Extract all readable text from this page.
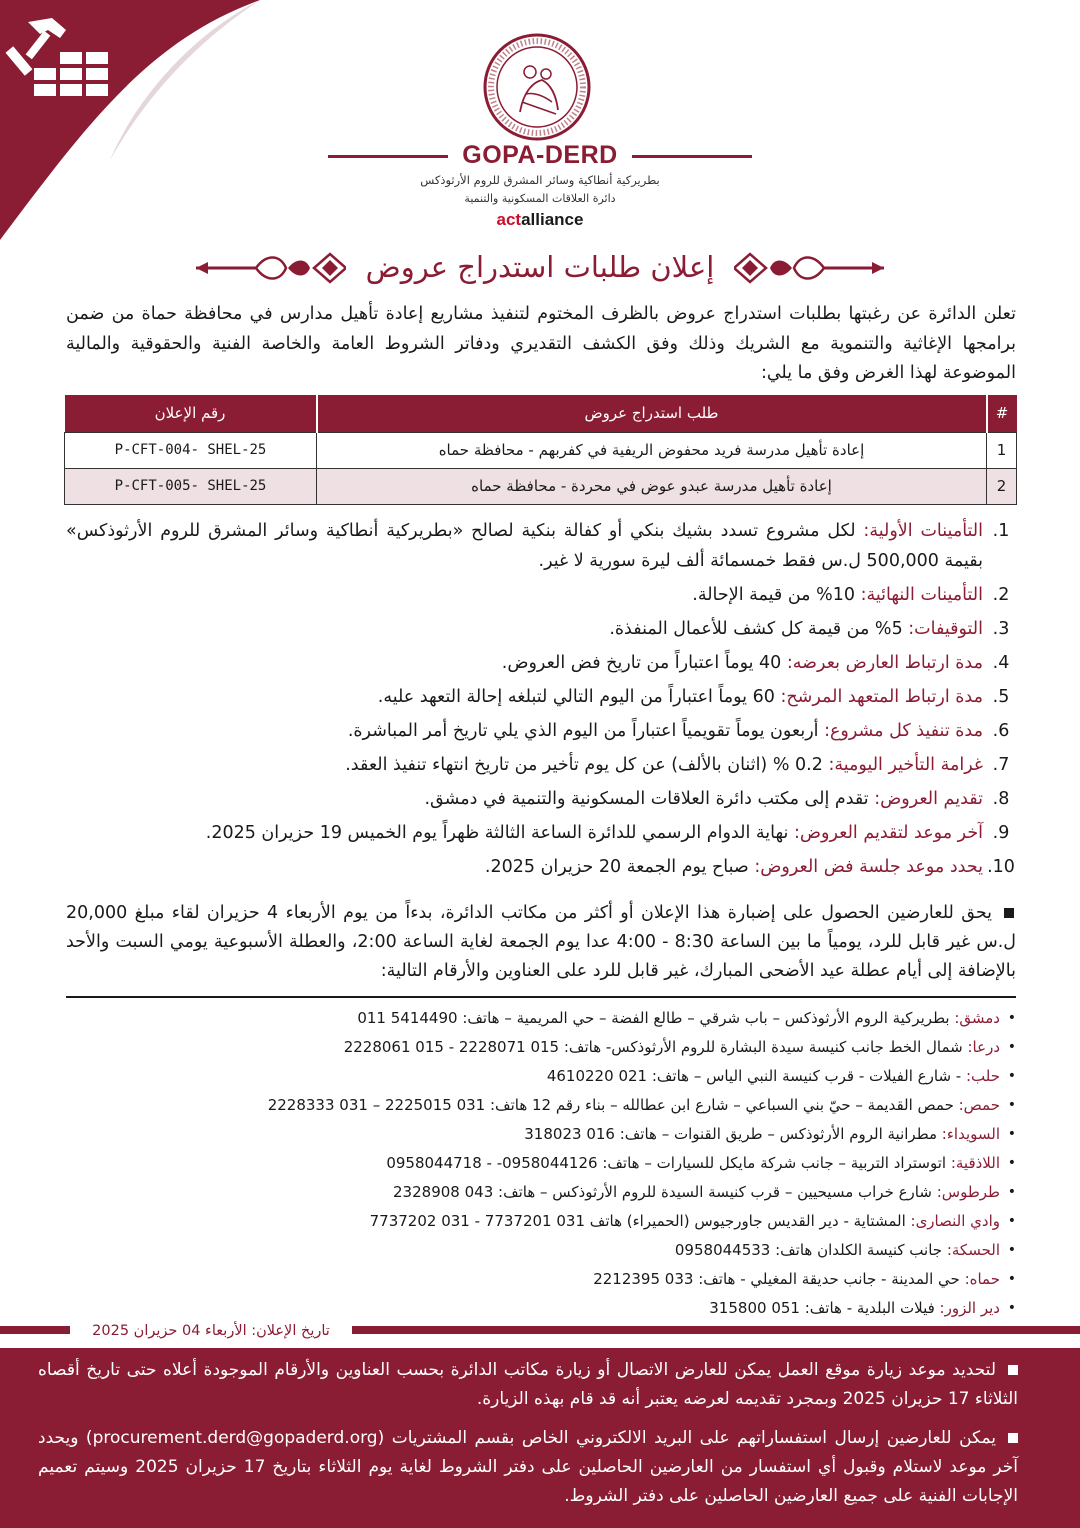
GOPA-DERD
بطريركية أنطاكية وسائر المشرق للروم الأرثوذكس
دائرة العلاقات المسكونية والتنمية
actalliance
إعلان طلبات استدراج عروض

تعلن الدائرة عن رغبتها بطلبات استدراج عروض بالظرف المختوم لتنفيذ مشاريع إعادة تأهيل مدارس في محافظة حماة من ضمن برامجها الإغاثية والتنموية مع الشريك وذلك وفق الكشف التقديري ودفاتر الشروط العامة والخاصة الفنية والحقوقية والمالية الموضوعة لهذا الغرض وفق ما يلي:

#	طلب استدراج عروض	رقم الإعلان
1	إعادة تأهيل مدرسة فريد محفوض الريفية في كفربهم - محافظة حماه	P-CFT-004- SHEL-25
2	إعادة تأهيل مدرسة عبدو عوض في محردة - محافظة حماه	P-CFT-005- SHEL-25
1.
التأمينات الأولية: لكل مشروع تسدد بشيك بنكي أو كفالة بنكية لصالح «بطريركية أنطاكية وسائر المشرق للروم الأرثوذكس» بقيمة 500,000 ل.س فقط خمسمائة ألف ليرة سورية لا غير.
2.
التأمينات النهائية: 10% من قيمة الإحالة.
3.
التوقيفات: 5% من قيمة كل كشف للأعمال المنفذة.
4.
مدة ارتباط العارض بعرضه: 40 يوماً اعتباراً من تاريخ فض العروض.
5.
مدة ارتباط المتعهد المرشح: 60 يوماً اعتباراً من اليوم التالي لتبلغه إحالة التعهد عليه.
6.
مدة تنفيذ كل مشروع: أربعون يوماً تقويمياً اعتباراً من اليوم الذي يلي تاريخ أمر المباشرة.
7.
غرامة التأخير اليومية: 0.2 % (اثنان بالألف) عن كل يوم تأخير من تاريخ انتهاء تنفيذ العقد.
8.
تقديم العروض: تقدم إلى مكتب دائرة العلاقات المسكونية والتنمية في دمشق.
9.
آخر موعد لتقديم العروض: نهاية الدوام الرسمي للدائرة الساعة الثالثة ظهراً يوم الخميس 19 حزيران 2025.
10.
يحدد موعد جلسة فض العروض: صباح يوم الجمعة 20 حزيران 2025.

يحق للعارضين الحصول على إضبارة هذا الإعلان أو أكثر من مكاتب الدائرة، بدءاً من يوم الأربعاء 4 حزيران لقاء مبلغ 20,000 ل.س غير قابل للرد، يومياً ما بين الساعة 8:30 - 4:00 عدا يوم الجمعة لغاية الساعة 2:00، والعطلة الأسبوعية يومي السبت والأحد بالإضافة إلى أيام عطلة عيد الأضحى المبارك، غير قابل للرد على العناوين والأرقام التالية:

•
دمشق: بطريركية الروم الأرثوذكس – باب شرقي – طالع الفضة – حي المريمية – هاتف: 5414490 011
•
درعا: شمال الخط جانب كنيسة سيدة البشارة للروم الأرثوذكس- هاتف: 015 2228071 - 015 2228061
•
حلب: - شارع الفيلات - قرب كنيسة النبي الياس – هاتف: 021 4610220
•
حمص: حمص القديمة – حيّ بني السباعي – شارع ابن عطالله – بناء رقم 12 هاتف: 031 2225015 – 031 2228333
•
السويداء: مطرانية الروم الأرثوذكس – طريق القنوات – هاتف: 016 318023
•
اللاذقية: اتوستراد التربية – جانب شركة مايكل للسيارات – هاتف: 0958044126- - 0958044718
•
طرطوس: شارع خراب مسيحيين – قرب كنيسة السيدة للروم الأرثوذكس – هاتف: 043 2328908
•
وادي النصارى: المشتاية - دير القديس جاورجيوس (الحميراء) هاتف 031 7737201 - 031 7737202
•
الحسكة: جانب كنيسة الكلدان هاتف: 0958044533
•
حماه: حي المدينة - جانب حديقة المغيلي - هاتف: 033 2212395
•
دير الزور: فيلات البلدية - هاتف: 051 315800
تاريخ الإعلان: الأربعاء 04 حزيران 2025

لتحديد موعد زيارة موقع العمل يمكن للعارض الاتصال أو زيارة مكاتب الدائرة بحسب العناوين والأرقام الموجودة أعلاه حتى تاريخ أقصاه الثلاثاء 17 حزيران 2025 وبمجرد تقديمه لعرضه يعتبر أنه قد قام بهذه الزيارة.

يمكن للعارضين إرسال استفساراتهم على البريد الالكتروني الخاص بقسم المشتريات (procurement.derd@gopaderd.org) ويحدد آخر موعد لاستلام وقبول أي استفسار من العارضين الحاصلين على دفتر الشروط لغاية يوم الثلاثاء بتاريخ 17 حزيران 2025 وسيتم تعميم الإجابات الفنية على جميع العارضين الحاصلين على دفتر الشروط.
